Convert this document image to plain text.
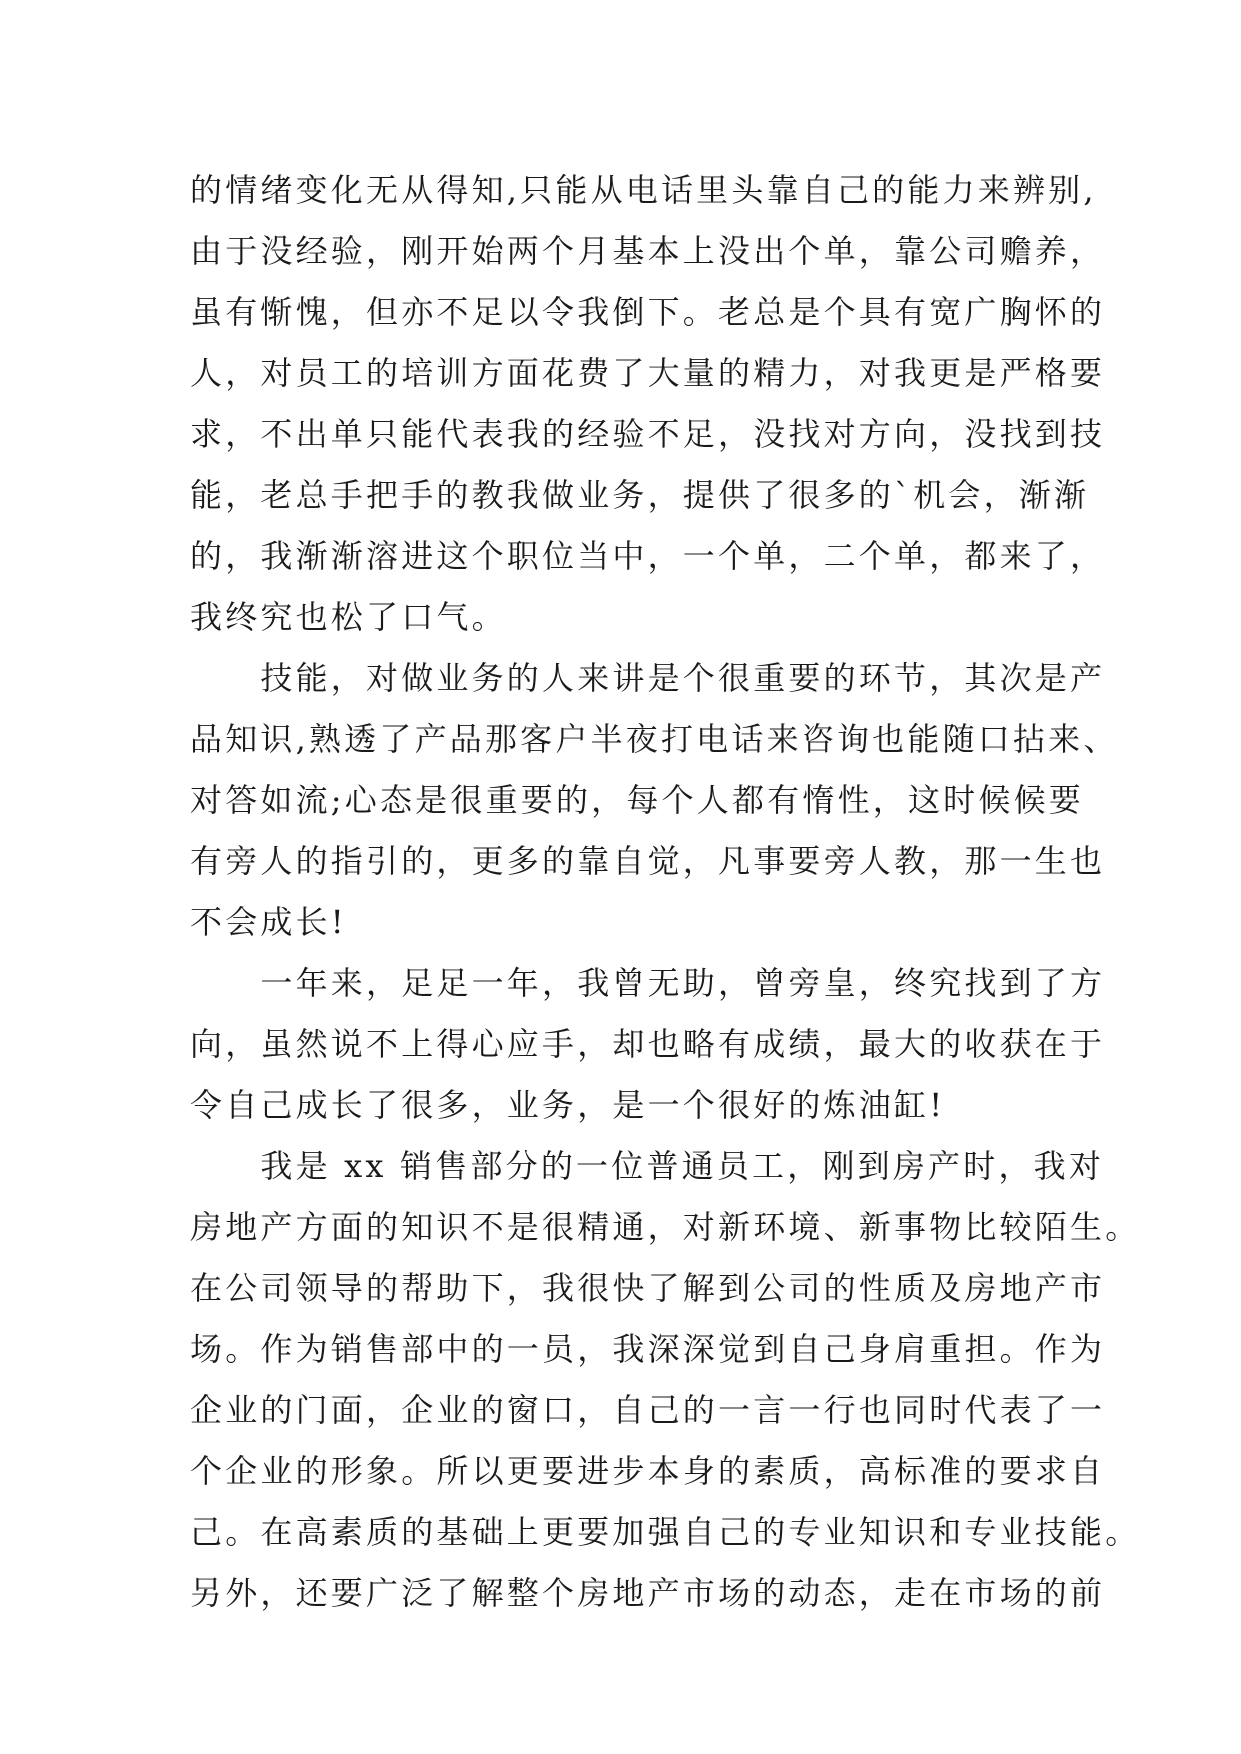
的情绪变化无从得知,只能从电话里头靠自己的能力来辨别,
由于没经验，刚开始两个月基本上没出个单，靠公司赡养，
虽有惭愧，但亦不足以令我倒下。老总是个具有宽广胸怀的
人，对员工的培训方面花费了大量的精力，对我更是严格要
求，不出单只能代表我的经验不足，没找对方向，没找到技
能，老总手把手的教我做业务，提供了很多的`机会，渐渐
的，我渐渐溶进这个职位当中，一个单，二个单，都来了，
我终究也松了口气。
　　技能，对做业务的人来讲是个很重要的环节，其次是产
品知识,熟透了产品那客户半夜打电话来咨询也能随口拈来、
对答如流;心态是很重要的，每个人都有惰性，这时候候要
有旁人的指引的，更多的靠自觉，凡事要旁人教，那一生也
不会成长!
　　一年来，足足一年，我曾无助，曾旁皇，终究找到了方
向，虽然说不上得心应手，却也略有成绩，最大的收获在于
令自己成长了很多，业务，是一个很好的炼油缸!
　　我是 xx 销售部分的一位普通员工，刚到房产时，我对
房地产方面的知识不是很精通，对新环境、新事物比较陌生。
在公司领导的帮助下，我很快了解到公司的性质及房地产市
场。作为销售部中的一员，我深深觉到自己身肩重担。作为
企业的门面，企业的窗口，自己的一言一行也同时代表了一
个企业的形象。所以更要进步本身的素质，高标准的要求自
己。在高素质的基础上更要加强自己的专业知识和专业技能。
另外，还要广泛了解整个房地产市场的动态，走在市场的前
